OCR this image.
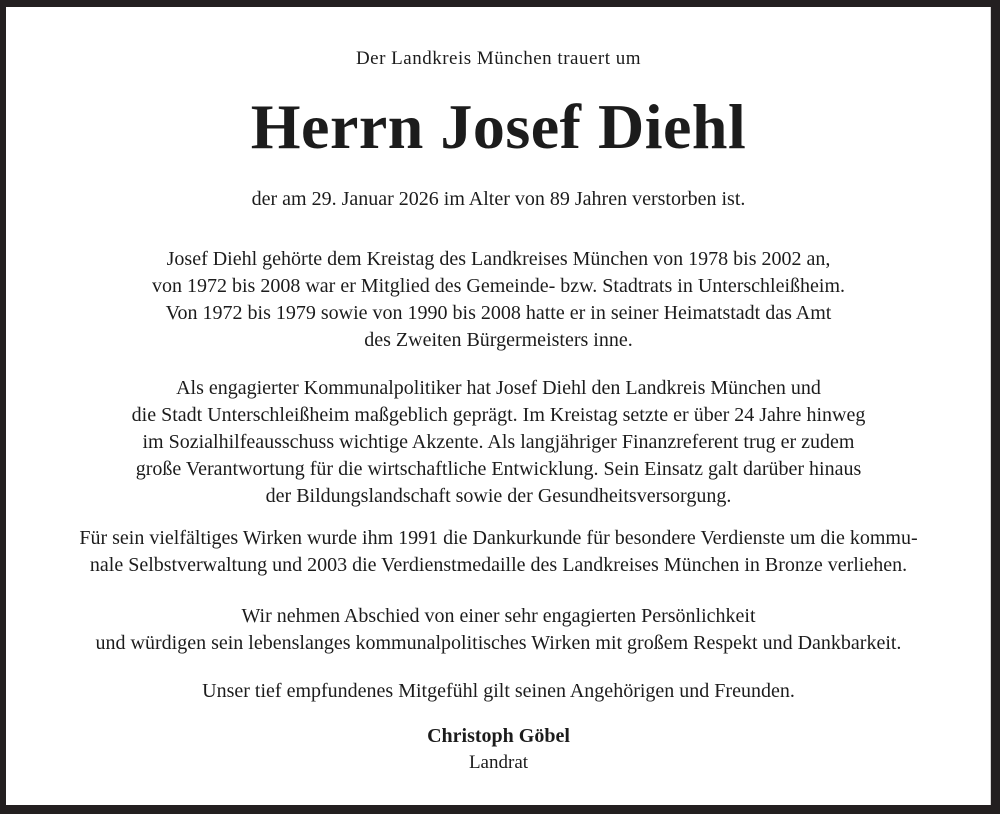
Der Landkreis München trauert um
Herrn Josef Diehl
der am 29. Januar 2026 im Alter von 89 Jahren verstorben ist.
Josef Diehl gehörte dem Kreistag des Landkreises München von 1978 bis 2002 an,
von 1972 bis 2008 war er Mitglied des Gemeinde- bzw. Stadtrats in Unterschleißheim.
Von 1972 bis 1979 sowie von 1990 bis 2008 hatte er in seiner Heimatstadt das Amt
des Zweiten Bürgermeisters inne.
Als engagierter Kommunalpolitiker hat Josef Diehl den Landkreis München und
die Stadt Unterschleißheim maßgeblich geprägt. Im Kreistag setzte er über 24 Jahre hinweg
im Sozialhilfeausschuss wichtige Akzente. Als langjähriger Finanzreferent trug er zudem
große Verantwortung für die wirtschaftliche Entwicklung. Sein Einsatz galt darüber hinaus
der Bildungslandschaft sowie der Gesundheitsversorgung.
Für sein vielfältiges Wirken wurde ihm 1991 die Dankurkunde für besondere Verdienste um die kommu-
nale Selbstverwaltung und 2003 die Verdienstmedaille des Landkreises München in Bronze verliehen.
Wir nehmen Abschied von einer sehr engagierten Persönlichkeit
und würdigen sein lebenslanges kommunalpolitisches Wirken mit großem Respekt und Dankbarkeit.
Unser tief empfundenes Mitgefühl gilt seinen Angehörigen und Freunden.
Christoph Göbel
Landrat
